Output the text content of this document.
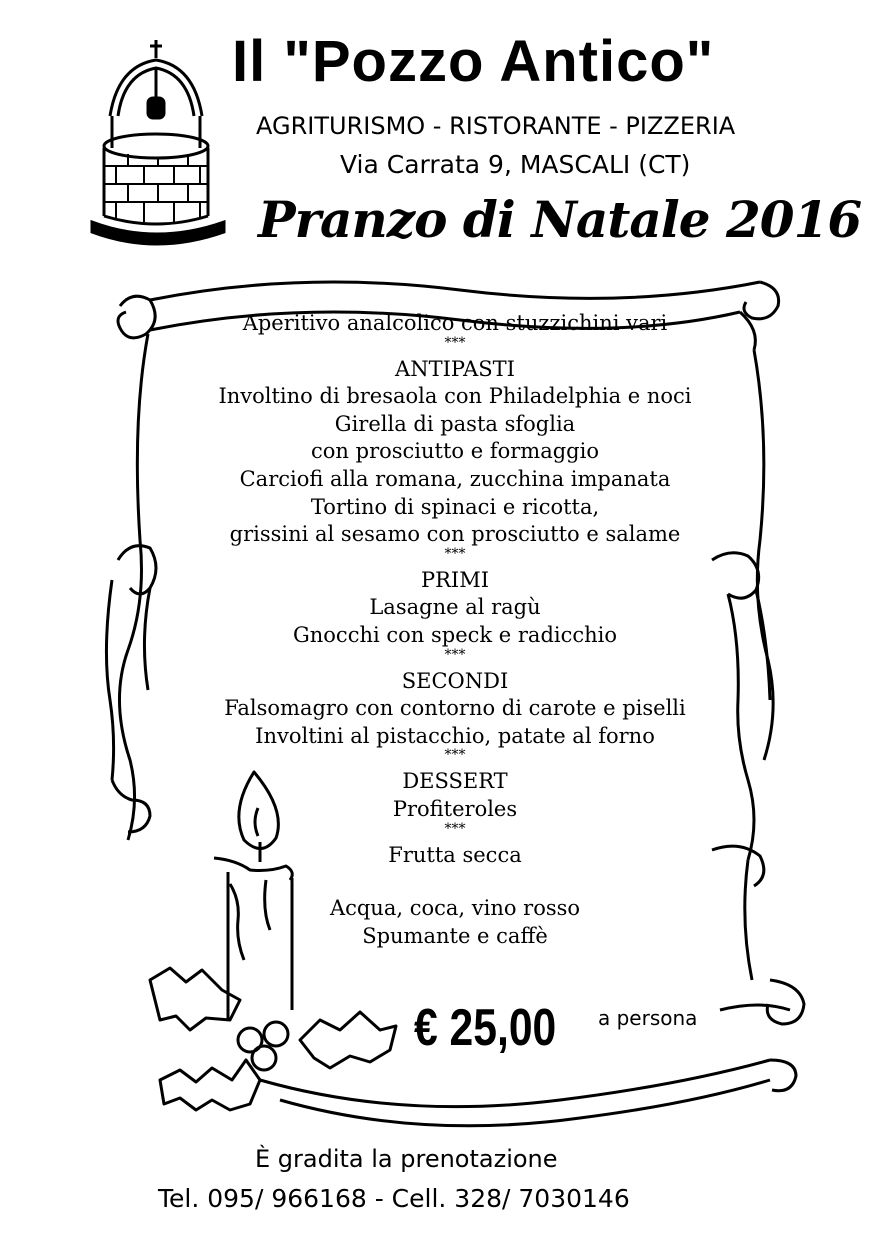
Il "Pozzo Antico"
AGRITURISMO - RISTORANTE - PIZZERIA
Via Carrata 9, MASCALI (CT)
Pranzo di Natale 2016
Aperitivo analcolico con stuzzichini vari
***
ANTIPASTI
Involtino di bresaola con Philadelphia e noci
Girella di pasta sfoglia
con prosciutto e formaggio
Carciofi alla romana, zucchina impanata
Tortino di spinaci e ricotta,
grissini al sesamo con prosciutto e salame
***
PRIMI
Lasagne al ragù
Gnocchi con speck e radicchio
***
SECONDI
Falsomagro con contorno di carote e piselli
Involtini al pistacchio, patate al forno
***
DESSERT
Profiteroles
***
Frutta secca
Acqua, coca, vino rosso
Spumante e caffè
€ 25,00 a persona
È gradita la prenotazione
Tel. 095/ 966168 - Cell. 328/ 7030146
